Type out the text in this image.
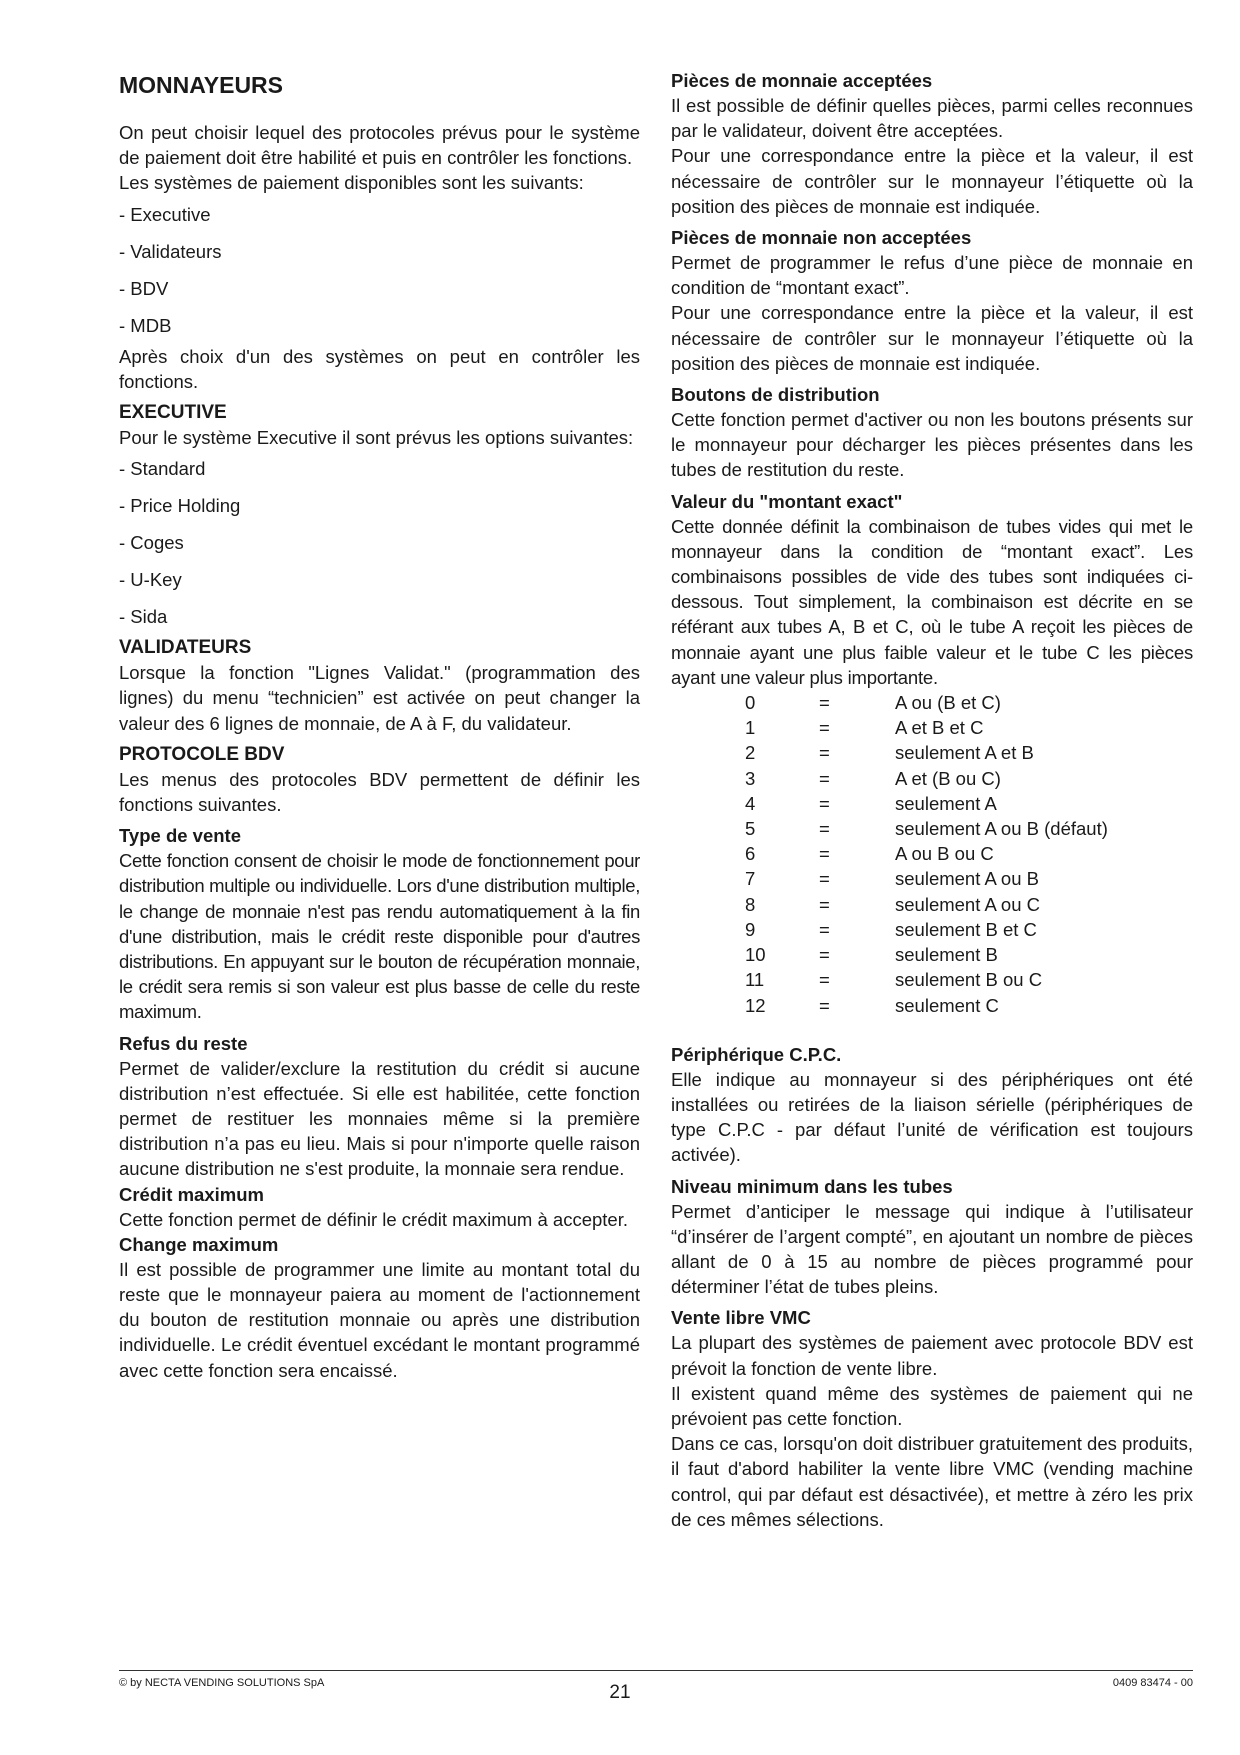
MONNAYEURS

On peut choisir lequel des protocoles prévus pour le système de paiement doit être habilité et puis en contrôler les fonctions.

Les systèmes de paiement disponibles sont les suivants:

- Executive
- Validateurs
- BDV
- MDB

Après choix d'un des systèmes on peut en contrôler les fonctions.

EXECUTIVE

Pour le système Executive il sont prévus les options suivantes:

- Standard
- Price Holding
- Coges
- U-Key
- Sida
VALIDATEURS

Lorsque la fonction "Lignes Validat." (programmation des lignes) du menu “technicien” est activée on peut changer la valeur des 6 lignes de monnaie, de A à F, du validateur.

PROTOCOLE BDV

Les menus des protocoles BDV permettent de définir les fonctions suivantes.

Type de vente

Cette fonction consent de choisir le mode de fonctionnement pour distribution multiple ou individuelle. Lors d'une distribution multiple, le change de monnaie n'est pas rendu automatiquement à la fin d'une distribution, mais le crédit reste disponible pour d'autres distributions. En appuyant sur le bouton de récupération monnaie, le crédit sera remis si son valeur est plus basse de celle du reste maximum.

Refus du reste

Permet de valider/exclure la restitution du crédit si aucune distribution n’est effectuée. Si elle est habilitée, cette fonction permet de restituer les monnaies même si la première distribution n’a pas eu lieu. Mais si pour n'importe quelle raison aucune distribution ne s'est produite, la monnaie sera rendue.

Crédit maximum

Cette fonction permet de définir le crédit maximum à accepter.

Change maximum

Il est possible de programmer une limite au montant total du reste que le monnayeur paiera au moment de l'actionnement du bouton de restitution monnaie ou après une distribution individuelle. Le crédit éventuel excédant le montant programmé avec cette fonction sera encaissé.

Pièces de monnaie acceptées

Il est possible de définir quelles pièces, parmi celles reconnues par le validateur, doivent être acceptées.

Pour une correspondance entre la pièce et la valeur, il est nécessaire de contrôler sur le monnayeur l’étiquette où la position des pièces de monnaie est indiquée.

Pièces de monnaie non acceptées

Permet de programmer le refus d’une pièce de monnaie en condition de “montant exact”.

Pour une correspondance entre la pièce et la valeur, il est nécessaire de contrôler sur le monnayeur l’étiquette où la position des pièces de monnaie est indiquée.

Boutons de distribution

Cette fonction permet d'activer ou non les boutons présents sur le monnayeur pour décharger les pièces présentes dans les tubes de restitution du reste.

Valeur du "montant exact"

Cette donnée définit la combinaison de tubes vides qui met le monnayeur dans la condition de “montant exact”. Les combinaisons possibles de vide des tubes sont indiquées ci-dessous. Tout simplement, la combinaison est décrite en se référant aux tubes A, B et C, où le tube A reçoit les pièces de monnaie ayant une plus faible valeur et le tube C les pièces ayant une valeur plus importante.

0	=	A ou (B et C)
1	=	A et B et C
2	=	seulement A et B
3	=	A et (B ou C)
4	=	seulement A
5	=	seulement A ou B (défaut)
6	=	A ou B ou C
7	=	seulement A ou B
8	=	seulement A ou C
9	=	seulement B et C
10	=	seulement B
11	=	seulement B ou C
12	=	seulement C
Périphérique C.P.C.

Elle indique au monnayeur si des périphériques ont été installées ou retirées de la liaison sérielle (périphériques de type C.P.C - par défaut l’unité de vérification est toujours activée).

Niveau minimum dans les tubes

Permet d’anticiper le message qui indique à l’utilisateur “d’insérer de l’argent compté”, en ajoutant un nombre de pièces allant de 0 à 15 au nombre de pièces programmé pour déterminer l’état de tubes pleins.

Vente libre VMC

La plupart des systèmes de paiement avec protocole BDV est prévoit la fonction de vente libre.

Il existent quand même des systèmes de paiement qui ne prévoient pas cette fonction.

Dans ce cas, lorsqu'on doit distribuer gratuitement des produits, il faut d'abord habiliter la vente libre VMC (vending machine control, qui par défaut est désactivée), et mettre à zéro les prix de ces mêmes sélections.

© by NECTA VENDING SOLUTIONS SpA	21	0409 83474 - 00
